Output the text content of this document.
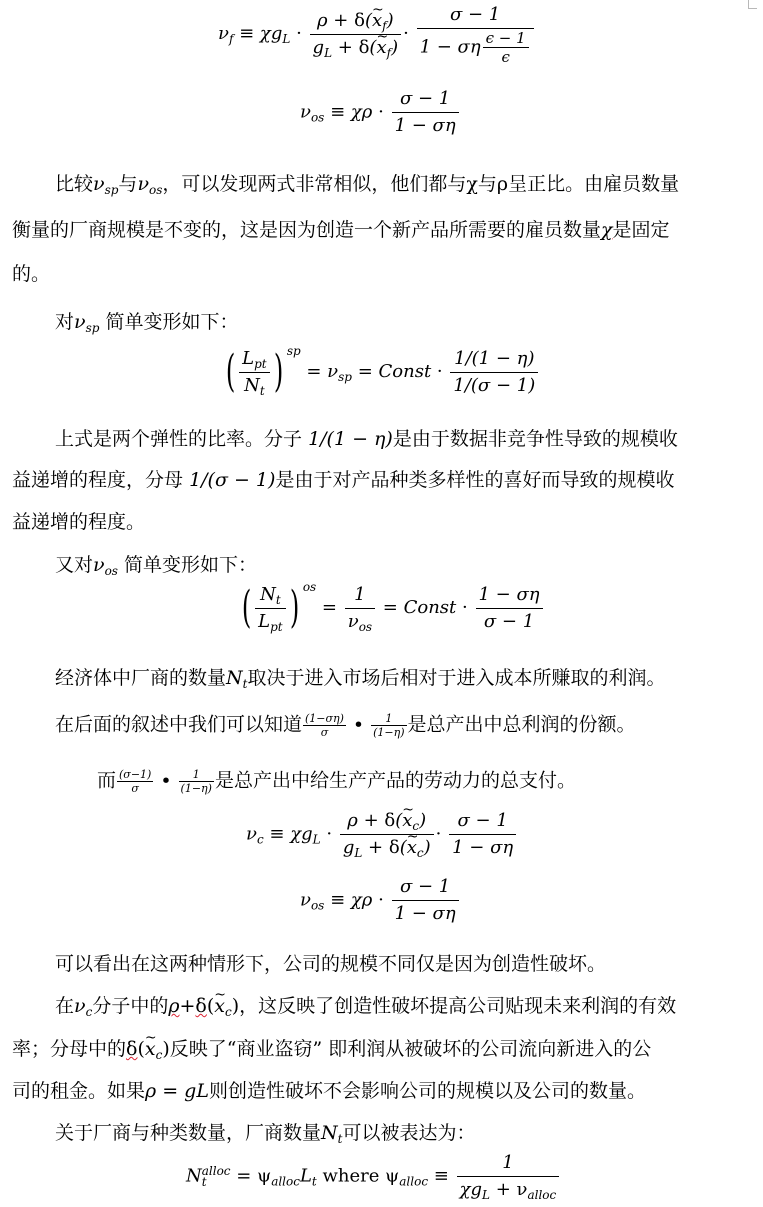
$\nu_f \equiv \chi g_L \cdot \frac{\rho + \delta(\sim x_f)}{g_L + \delta(\sim x_f)} \cdot \frac{\sigma - 1}{1 - \sigma\eta \frac{\epsilon - 1}{\epsilon}}$
$\nu_{os} \equiv \chi\rho \cdot \frac{\sigma - 1}{1 - \sigma\eta}$
比较$\nu_{sp}$与$\nu_{os}$，可以发现两式非常相似，他们都与χ与ρ呈正比。由雇员数量
衡量的厂商规模是不变的，这是因为创造一个新产品所需要的雇员数量χ是固定
的。
对$\nu_{sp}$ 简单变形如下：
( $\frac{L_{pt}}{N_t}$ ) $^{sp} = \nu_{sp}$ = Const · $\frac{1/(1 - \eta)}{1/(\sigma - 1)}$
上式是两个弹性的比率。分子 1/(1 − η)是由于数据非竞争性导致的规模收
益递增的程度，分母 1/(σ − 1)是由于对产品种类多样性的喜好而导致的规模收
益递增的程度。
又对$\nu_{os}$ 简单变形如下：
( $\frac{N_t}{L_{pt}}$ ) $^{os} = \frac{1}{\nu_{os}}$ = Const · $\frac{1 - \sigma\eta}{\sigma - 1}$
经济体中厂商的数量$N_t$取决于进入市场后相对于进入成本所赚取的利润。
在后面的叙述中我们可以知道 $\frac{(1-\sigma\eta)}{\sigma}$ • $\frac{1}{(1-\eta)}$ 是总产出中总利润的份额。
而 $\frac{(\sigma-1)}{\sigma}$ • $\frac{1}{(1-\eta)}$ 是总产出中给生产产品的劳动力的总支付。
$\nu_c \equiv \chi g_L \cdot \frac{\rho + \delta(\sim x_c)}{g_L + \delta(\sim x_c)} \cdot \frac{\sigma - 1}{1 - \sigma\eta}$
$\nu_{os} \equiv \chi\rho \cdot \frac{\sigma - 1}{1 - \sigma\eta}$
可以看出在这两种情形下，公司的规模不同仅是因为创造性破坏。
在$\nu_c$分子中的ρ+δ(~ $x_c$)，这反映了创造性破坏提高公司贴现未来利润的有效
率；分母中的δ(~ $x_c$)反映了“商业盗窃” 即利润从被破坏的公司流向新进入的公
司的租金。如果ρ = gL则创造性破坏不会影响公司的规模以及公司的数量。
关于厂商与种类数量，厂商数量$N_t$可以被表达为：
N alloc
t	= $\psi_{alloc}L_t$ where $\psi_{alloc} \equiv \frac{1}{\chi g_L + \nu_{alloc}}$
